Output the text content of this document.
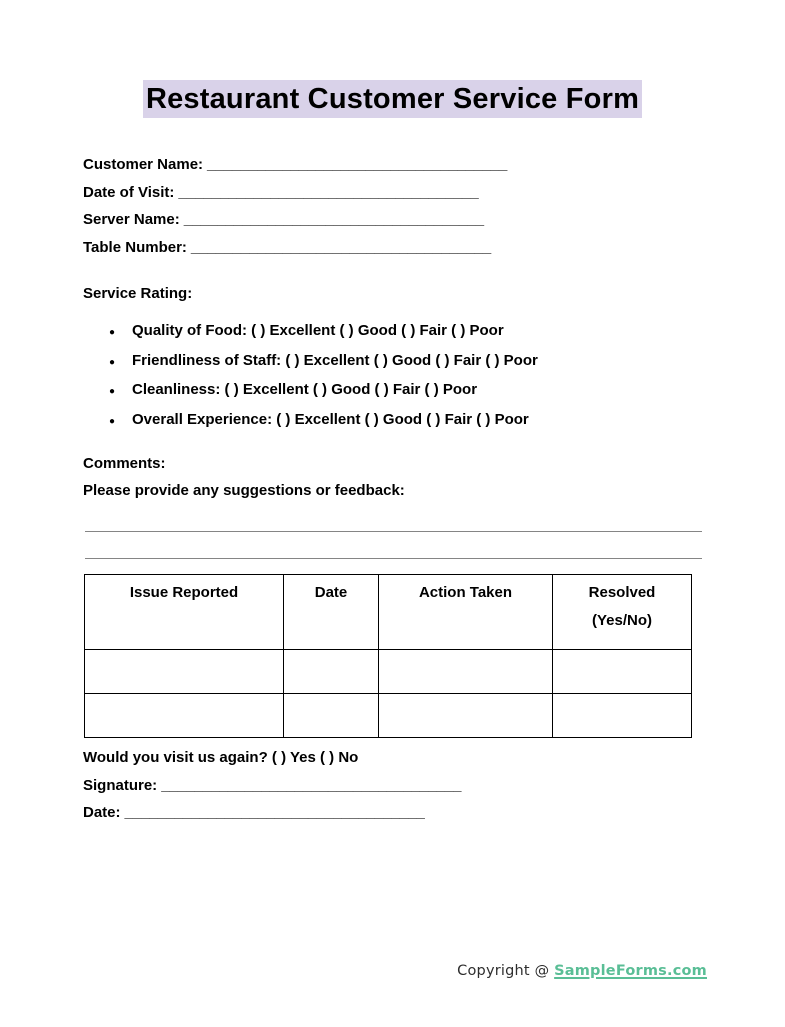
Restaurant Customer Service Form
Customer Name: ____________________________________
Date of Visit: ____________________________________
Server Name: ____________________________________
Table Number: ____________________________________
Service Rating:
●	Quality of Food: ( ) Excellent ( ) Good ( ) Fair ( ) Poor
●	Friendliness of Staff: ( ) Excellent ( ) Good ( ) Fair ( ) Poor
●	Cleanliness: ( ) Excellent ( ) Good ( ) Fair ( ) Poor
●	Overall Experience: ( ) Excellent ( ) Good ( ) Fair ( ) Poor
Comments:
Please provide any suggestions or feedback:
Issue Reported	Date	Action Taken	Resolved
(Yes/No)

Would you visit us again? ( ) Yes ( ) No
Signature: ____________________________________
Date: ____________________________________
Copyright @ SampleForms.com
